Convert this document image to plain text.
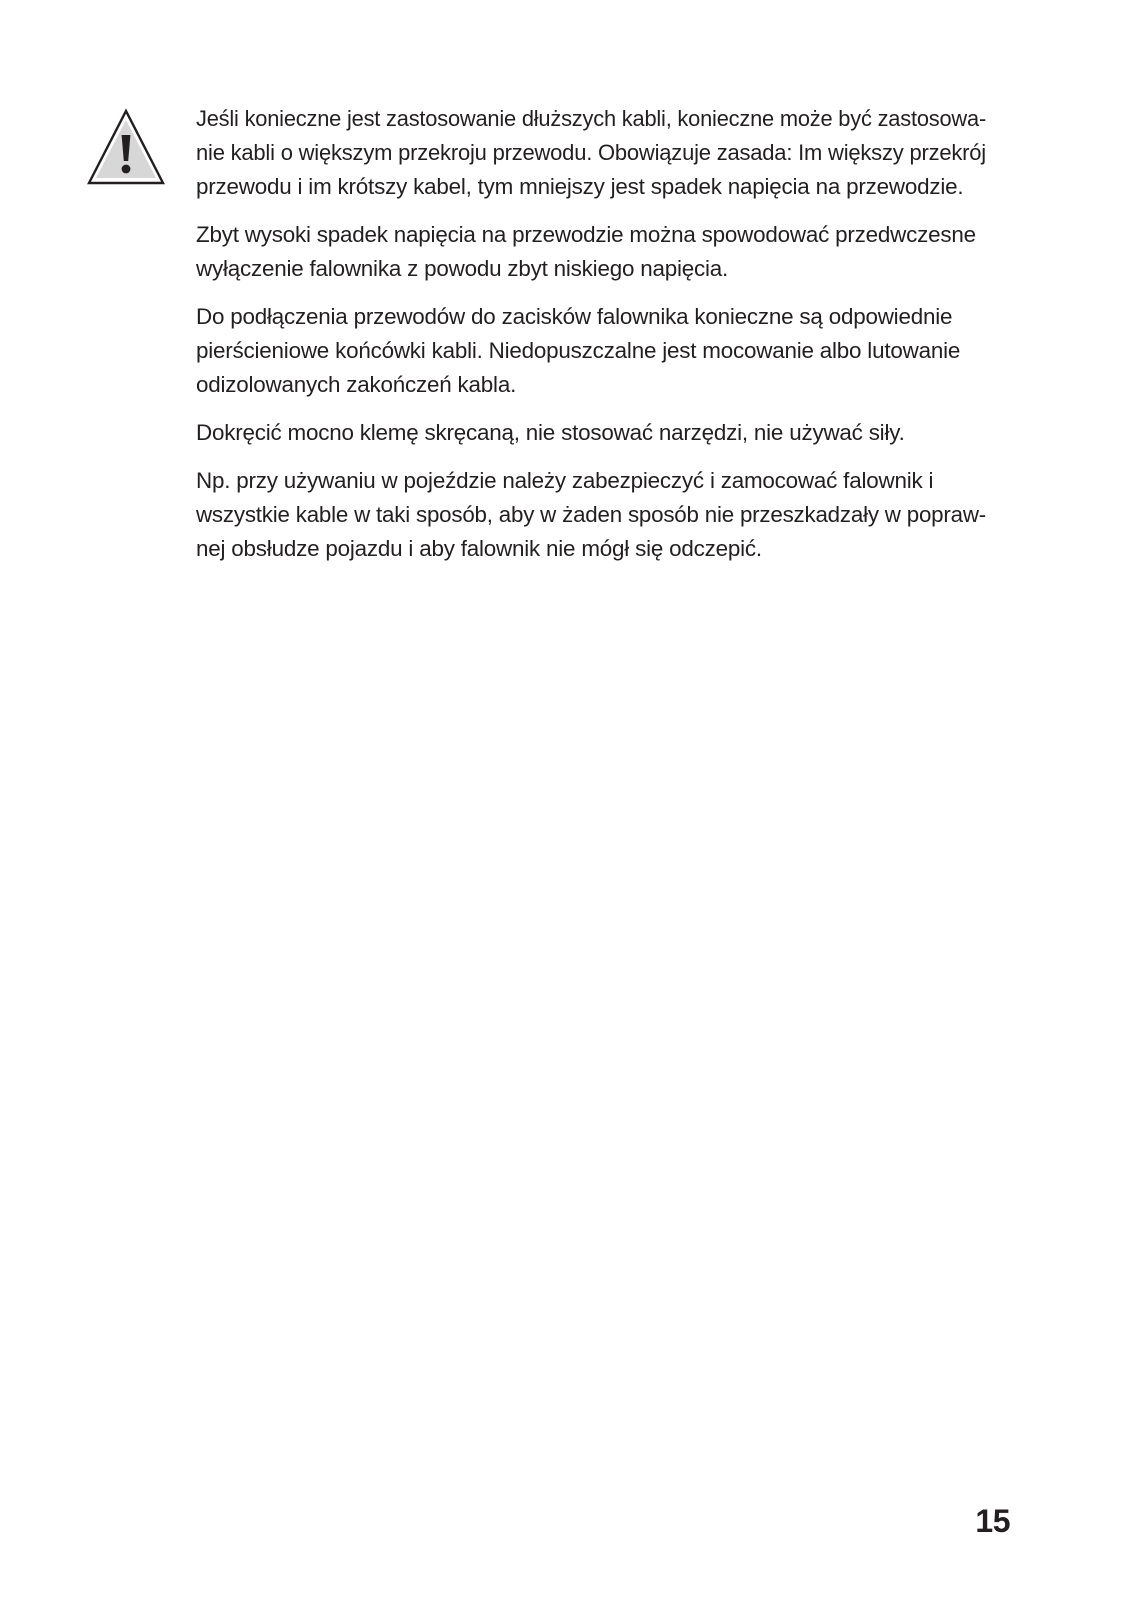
Jeśli konieczne jest zastosowanie dłuższych kabli, konieczne może być zastosowa-
nie kabli o większym przekroju przewodu. Obowiązuje zasada: Im większy przekrój
przewodu i im krótszy kabel, tym mniejszy jest spadek napięcia na przewodzie.

Zbyt wysoki spadek napięcia na przewodzie można spowodować przedwczesne
wyłączenie falownika z powodu zbyt niskiego napięcia.

Do podłączenia przewodów do zacisków falownika konieczne są odpowiednie
pierścieniowe końcówki kabli. Niedopuszczalne jest mocowanie albo lutowanie
odizolowanych zakończeń kabla.

Dokręcić mocno klemę skręcaną, nie stosować narzędzi, nie używać siły.

Np. przy używaniu w pojeździe należy zabezpieczyć i zamocować falownik i
wszystkie kable w taki sposób, aby w żaden sposób nie przeszkadzały w popraw-
nej obsłudze pojazdu i aby falownik nie mógł się odczepić.

15
